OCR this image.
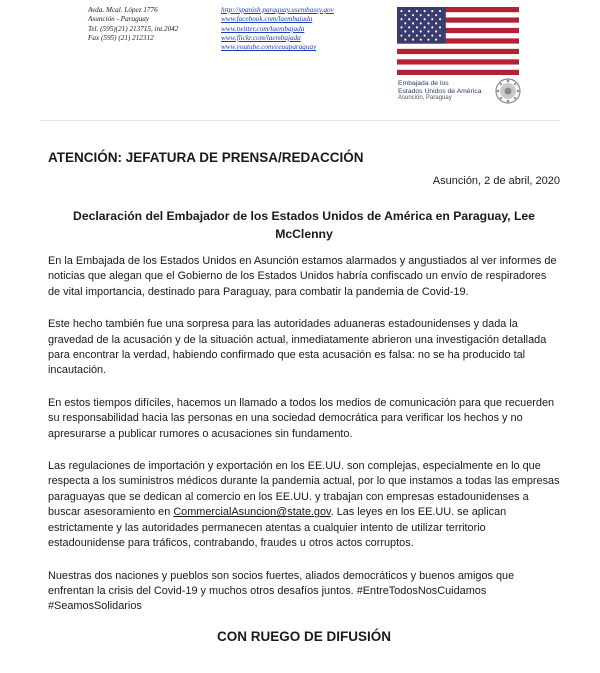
Avda. Mcal. López 1776
Asunción - Paraguay
Tel. (595)(21) 213715, int.2042
Fax (595) (21) 212312
http://spanish.paraguay.usembassy.gov
www.facebook.com/laembajada
www.twitter.com/laembajada
www.flickr.com/laembajada
www.youtube.com/eeuuparaguay
Embajada de los
Estados Unidos de América
Asunción, Paraguay

ATENCIÓN: JEFATURA DE PRENSA/REDACCIÓN

Asunción, 2 de abril, 2020

Declaración del Embajador de los Estados Unidos de América en Paraguay, Lee McClenny

En la Embajada de los Estados Unidos en Asunción estamos alarmados y angustiados al ver informes de noticias que alegan que el Gobierno de los Estados Unidos habría confiscado un envío de respiradores de vital importancia, destinado para Paraguay, para combatir la pandemia de Covid-19.

Este hecho también fue una sorpresa para las autoridades aduaneras estadounidenses y dada la gravedad de la acusación y de la situación actual, inmediatamente abrieron una investigación detallada para encontrar la verdad, habiendo confirmado que esta acusación es falsa: no se ha producido tal incautación.

En estos tiempos difíciles, hacemos un llamado a todos los medios de comunicación para que recuerden su responsabilidad hacia las personas en una sociedad democrática para verificar los hechos y no apresurarse a publicar rumores o acusaciones sin fundamento.

Las regulaciones de importación y exportación en los EE.UU. son complejas, especialmente en lo que respecta a los suministros médicos durante la pandemia actual, por lo que instamos a todas las empresas paraguayas que se dedican al comercio en los EE.UU. y trabajan con empresas estadounidenses a buscar asesoramiento en CommercialAsuncion@state.gov. Las leyes en los EE.UU. se aplican estrictamente y las autoridades permanecen atentas a cualquier intento de utilizar territorio estadounidense para tráficos, contrabando, fraudes u otros actos corruptos.

Nuestras dos naciones y pueblos son socios fuertes, aliados democráticos y buenos amigos que enfrentan la crisis del Covid-19 y muchos otros desafíos juntos. #EntreTodosNosCuidamos #SeamosSolidarios

CON RUEGO DE DIFUSIÓN
